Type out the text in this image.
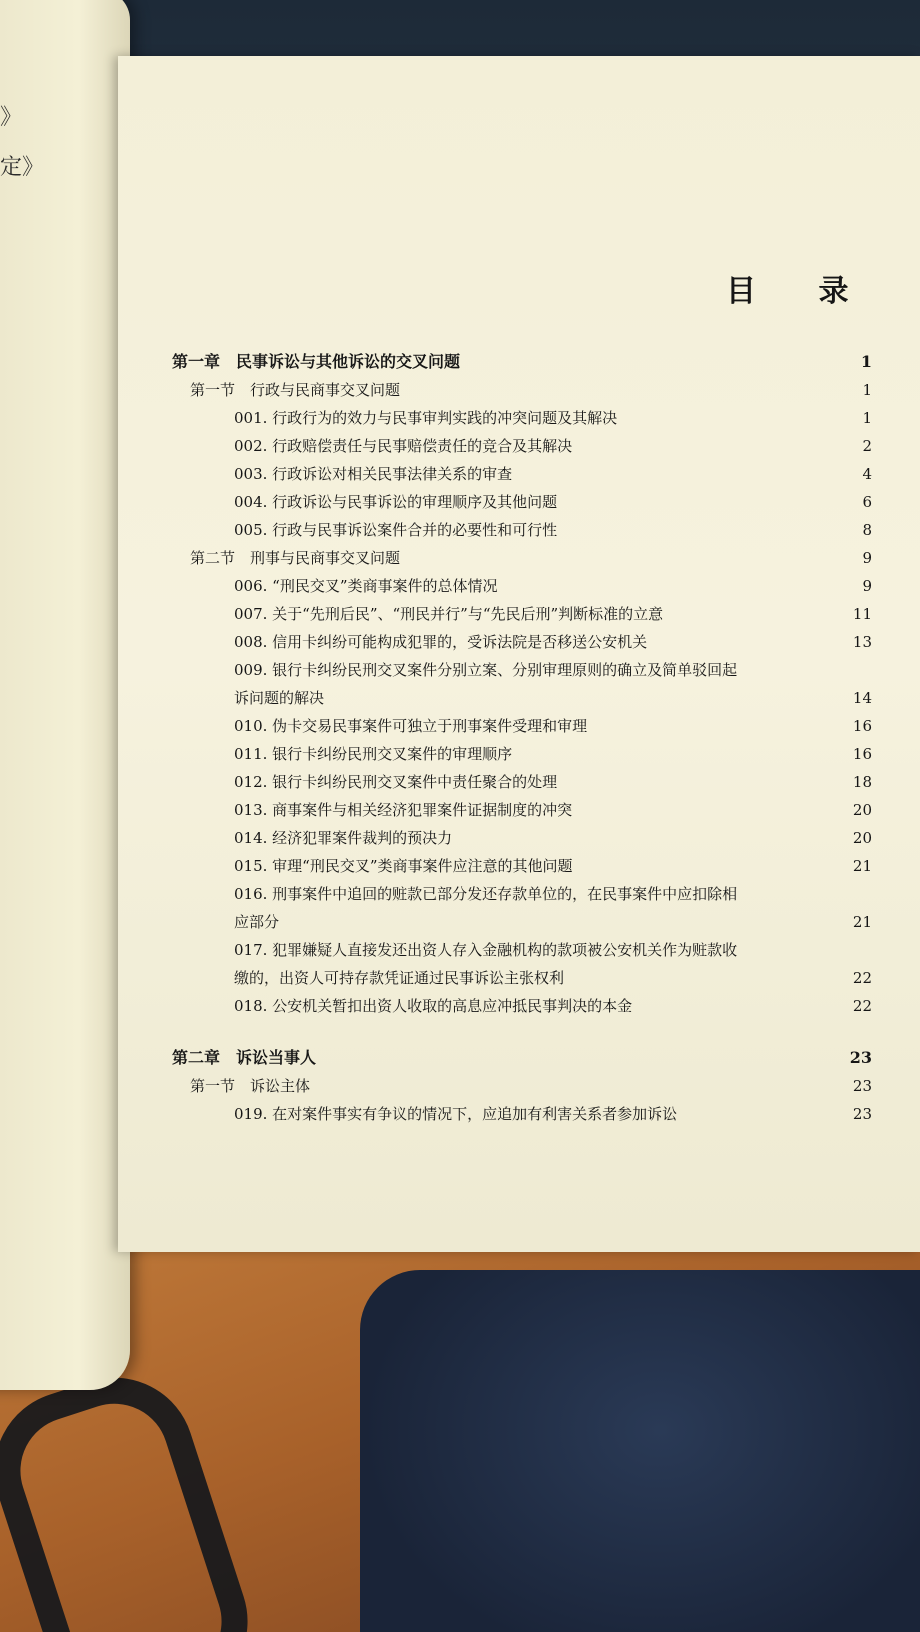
》
定》
目 录
第一章　民事诉讼与其他诉讼的交叉问题	1
第一节　行政与民商事交叉问题	1
001. 行政行为的效力与民事审判实践的冲突问题及其解决	1
002. 行政赔偿责任与民事赔偿责任的竞合及其解决	2
003. 行政诉讼对相关民事法律关系的审查	4
004. 行政诉讼与民事诉讼的审理顺序及其他问题	6
005. 行政与民事诉讼案件合并的必要性和可行性	8
第二节　刑事与民商事交叉问题	9
006. “刑民交叉”类商事案件的总体情况	9
007. 关于“先刑后民”、“刑民并行”与“先民后刑”判断标准的立意	11
008. 信用卡纠纷可能构成犯罪的，受诉法院是否移送公安机关	13
009. 银行卡纠纷民刑交叉案件分别立案、分别审理原则的确立及简单驳回起诉问题的解决	14
010. 伪卡交易民事案件可独立于刑事案件受理和审理	16
011. 银行卡纠纷民刑交叉案件的审理顺序	16
012. 银行卡纠纷民刑交叉案件中责任聚合的处理	18
013. 商事案件与相关经济犯罪案件证据制度的冲突	20
014. 经济犯罪案件裁判的预决力	20
015. 审理“刑民交叉”类商事案件应注意的其他问题	21
016. 刑事案件中追回的赃款已部分发还存款单位的，在民事案件中应扣除相应部分	21
017. 犯罪嫌疑人直接发还出资人存入金融机构的款项被公安机关作为赃款收缴的，出资人可持存款凭证通过民事诉讼主张权利	22
018. 公安机关暂扣出资人收取的高息应冲抵民事判决的本金	22
第二章　诉讼当事人	23
第一节　诉讼主体	23
019. 在对案件事实有争议的情况下，应追加有利害关系者参加诉讼	23
